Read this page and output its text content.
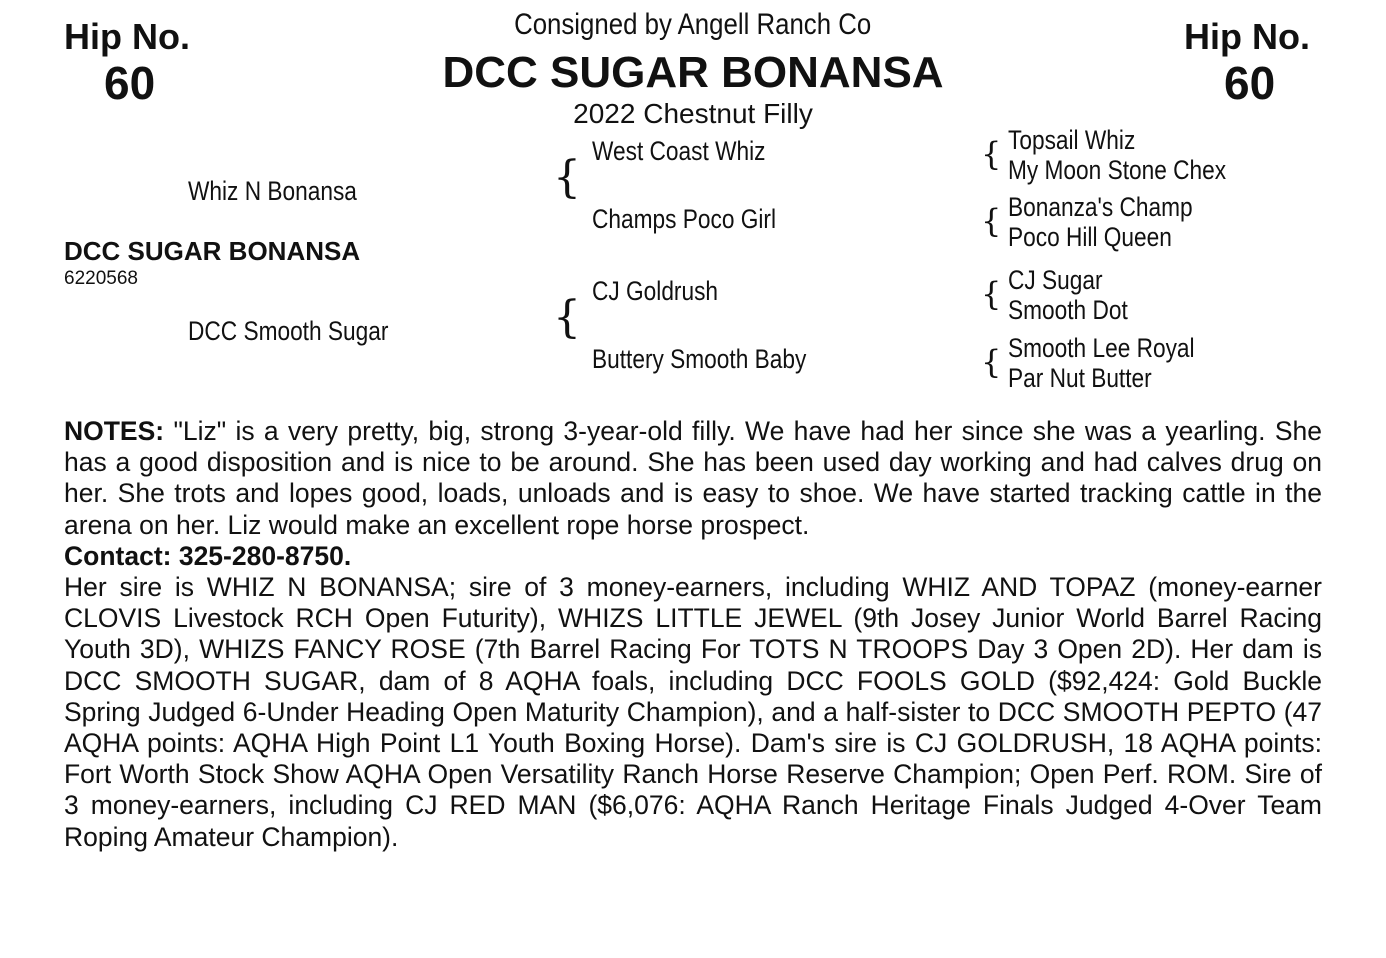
Hip No.
60
Hip No.
60
Consigned by Angell Ranch Co
DCC SUGAR BONANSA
2022 Chestnut Filly
Whiz N Bonansa
DCC SUGAR BONANSA
6220568
DCC Smooth Sugar
{
{
West Coast Whiz
Champs Poco Girl
CJ Goldrush
Buttery Smooth Baby
{
{
{
{
Topsail Whiz
My Moon Stone Chex
Bonanza's Champ
Poco Hill Queen
CJ Sugar
Smooth Dot
Smooth Lee Royal
Par Nut Butter

NOTES: "Liz" is a very pretty, big, strong 3-year-old filly. We have had her since she was a yearling. She has a good disposition and is nice to be around. She has been used day working and had calves drug on her. She trots and lopes good, loads, unloads and is easy to shoe. We have started tracking cattle in the arena on her. Liz would make an excellent rope horse prospect.

Contact: 325-280-8750.

Her sire is WHIZ N BONANSA; sire of 3 money-earners, including WHIZ AND TOPAZ (money-earner CLOVIS Livestock RCH Open Futurity), WHIZS LITTLE JEWEL (9th Josey Junior World Barrel Racing Youth 3D), WHIZS FANCY ROSE (7th Barrel Racing For TOTS N TROOPS Day 3 Open 2D). Her dam is DCC SMOOTH SUGAR, dam of 8 AQHA foals, including DCC FOOLS GOLD ($92,424: Gold Buckle Spring Judged 6-Under Heading Open Maturity Champion), and a half-sister to DCC SMOOTH PEPTO (47 AQHA points: AQHA High Point L1 Youth Boxing Horse). Dam's sire is CJ GOLDRUSH, 18 AQHA points: Fort Worth Stock Show AQHA Open Versatility Ranch Horse Reserve Champion; Open Perf. ROM. Sire of 3 money-earners, including CJ RED MAN ($6,076: AQHA Ranch Heritage Finals Judged 4-Over Team Roping Amateur Champion).
